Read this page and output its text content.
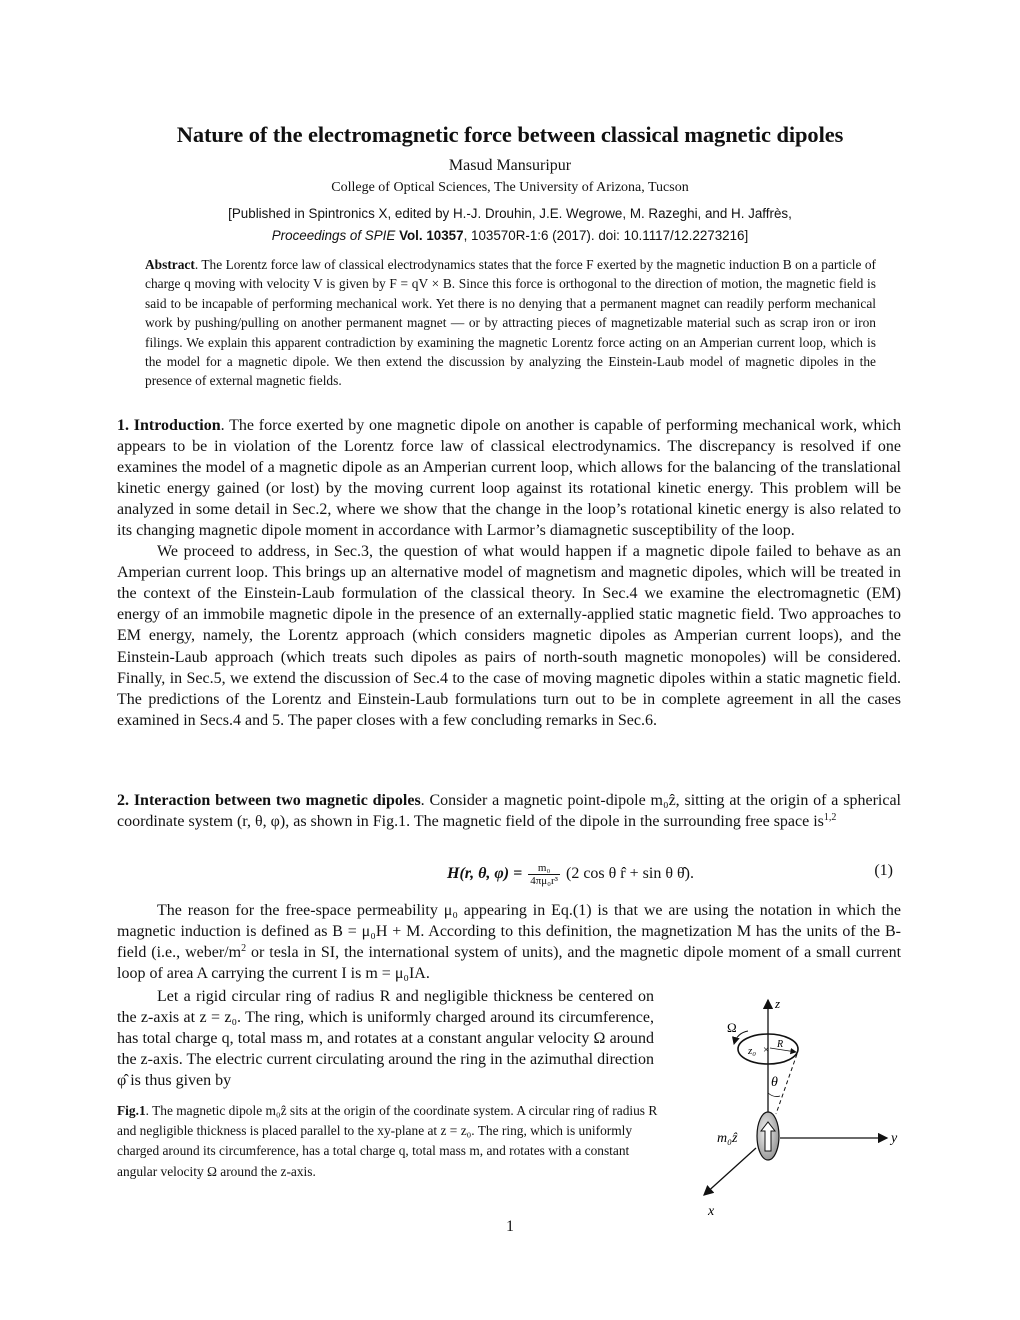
Nature of the electromagnetic force between classical magnetic dipoles
Masud Mansuripur
College of Optical Sciences, The University of Arizona, Tucson
[Published in Spintronics X, edited by H.-J. Drouhin, J.E. Wegrowe, M. Razeghi, and H. Jaffrès,
Proceedings of SPIE Vol. 10357, 103570R-1:6 (2017). doi: 10.1117/12.2273216]

Abstract. The Lorentz force law of classical electrodynamics states that the force F exerted by the magnetic induction B on a particle of charge q moving with velocity V is given by F = qV × B. Since this force is orthogonal to the direction of motion, the magnetic field is said to be incapable of performing mechanical work. Yet there is no denying that a permanent magnet can readily perform mechanical work by pushing/pulling on another permanent magnet — or by attracting pieces of magnetizable material such as scrap iron or iron filings. We explain this apparent contradiction by examining the magnetic Lorentz force acting on an Amperian current loop, which is the model for a magnetic dipole. We then extend the discussion by analyzing the Einstein-Laub model of magnetic dipoles in the presence of external magnetic fields.

1. Introduction. The force exerted by one magnetic dipole on another is capable of performing mechanical work, which appears to be in violation of the Lorentz force law of classical electrodynamics. The discrepancy is resolved if one examines the model of a magnetic dipole as an Amperian current loop, which allows for the balancing of the translational kinetic energy gained (or lost) by the moving current loop against its rotational kinetic energy. This problem will be analyzed in some detail in Sec.2, where we show that the change in the loop’s rotational kinetic energy is also related to its changing magnetic dipole moment in accordance with Larmor’s diamagnetic susceptibility of the loop.

We proceed to address, in Sec.3, the question of what would happen if a magnetic dipole failed to behave as an Amperian current loop. This brings up an alternative model of magnetism and magnetic dipoles, which will be treated in the context of the Einstein-Laub formulation of the classical theory. In Sec.4 we examine the electromagnetic (EM) energy of an immobile magnetic dipole in the presence of an externally-applied static magnetic field. Two approaches to EM energy, namely, the Lorentz approach (which considers magnetic dipoles as Amperian current loops), and the Einstein-Laub approach (which treats such dipoles as pairs of north-south magnetic monopoles) will be considered. Finally, in Sec.5, we extend the discussion of Sec.4 to the case of moving magnetic dipoles within a static magnetic field. The predictions of the Lorentz and Einstein-Laub formulations turn out to be in complete agreement in all the cases examined in Secs.4 and 5. The paper closes with a few concluding remarks in Sec.6.

2. Interaction between two magnetic dipoles. Consider a magnetic point-dipole m₀ẑ, sitting at the origin of a spherical coordinate system (r, θ, φ), as shown in Fig.1. The magnetic field of the dipole in the surrounding free space is$^{1,2}$

H(r, θ, $\varphi) = \frac{\text{m₀}}{\text{4πμ₀r³}} (2$ cos θ r̂ + sin θ θ̂).	(1)

The reason for the free-space permeability μ₀ appearing in Eq.(1) is that we are using the notation in which the magnetic induction is defined as B = μ₀H + M. According to this definition, the magnetization M has the units of the B-field (i.e., weber/$m^2$ or tesla in SI, the international system of units), and the magnetic dipole moment of a small current loop of area A carrying the current I is m = μ₀IA.

Let a rigid circular ring of radius R and negligible thickness be centered on the z-axis at z = z₀. The ring, which is uniformly charged around its circumference, has total charge q, total mass m, and rotates at a constant angular velocity Ω around the z-axis. The electric current circulating around the ring in the azimuthal direction φ̂ is thus given by

Fig.1. The magnetic dipole m₀ẑ sits at the origin of the coordinate system. A circular ring of radius R and negligible thickness is placed parallel to the xy-plane at z = z₀. The ring, which is uniformly charged around its circumference, has a total charge q, total mass m, and rotates with a constant angular velocity Ω around the z-axis.

z
y
x
Ω
z₀ × R
θ
m₀ẑ
1
